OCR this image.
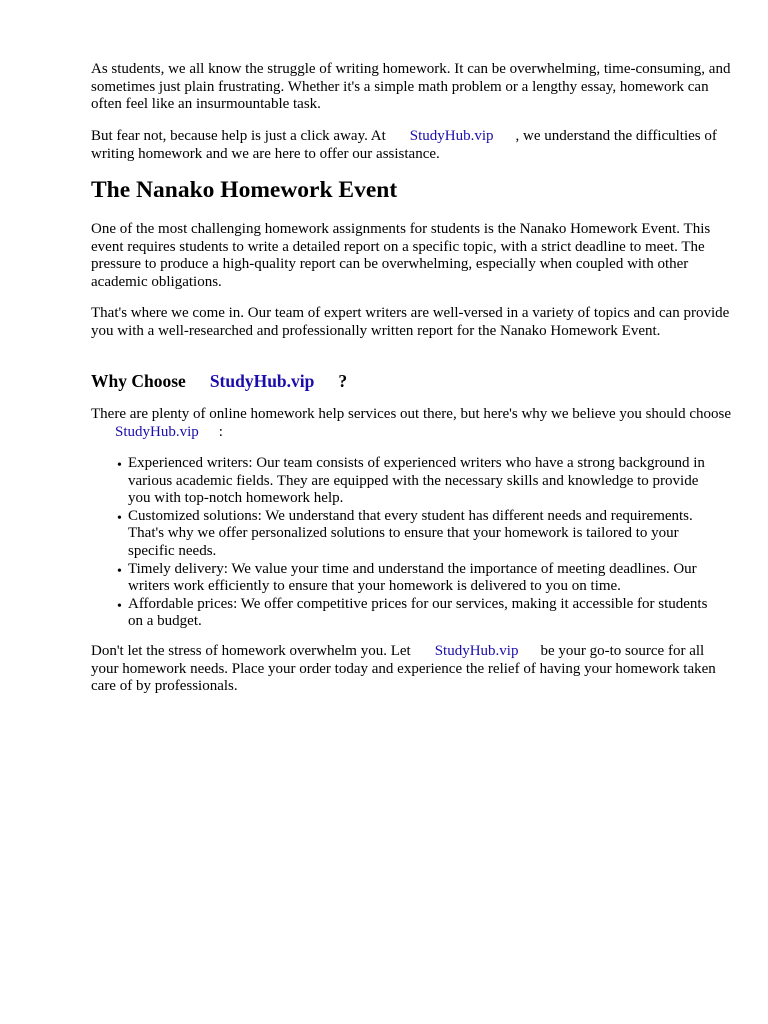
As students, we all know the struggle of writing homework. It can be overwhelming, time-consuming, and sometimes just plain frustrating. Whether it's a simple math problem or a lengthy essay, homework can often feel like an insurmountable task.

But fear not, because help is just a click away. At StudyHub.vip , we understand the difficulties of writing homework and we are here to offer our assistance.

The Nanako Homework Event

One of the most challenging homework assignments for students is the Nanako Homework Event. This event requires students to write a detailed report on a specific topic, with a strict deadline to meet. The pressure to produce a high-quality report can be overwhelming, especially when coupled with other academic obligations.

That's where we come in. Our team of expert writers are well-versed in a variety of topics and can provide you with a well-researched and professionally written report for the Nanako Homework Event.

Why Choose StudyHub.vip ?

There are plenty of online homework help services out there, but here's why we believe you should chooseStudyHub.vip :

• Experienced writers: Our team consists of experienced writers who have a strong background in various academic fields. They are equipped with the necessary skills and knowledge to provide you with top-notch homework help.
• Customized solutions: We understand that every student has different needs and requirements. That's why we offer personalized solutions to ensure that your homework is tailored to your specific needs.
• Timely delivery: We value your time and understand the importance of meeting deadlines. Our writers work efficiently to ensure that your homework is delivered to you on time.
• Affordable prices: We offer competitive prices for our services, making it accessible for students on a budget.

Don't let the stress of homework overwhelm you. Let StudyHub.vip be your go-to source for all your homework needs. Place your order today and experience the relief of having your homework taken care of by professionals.
